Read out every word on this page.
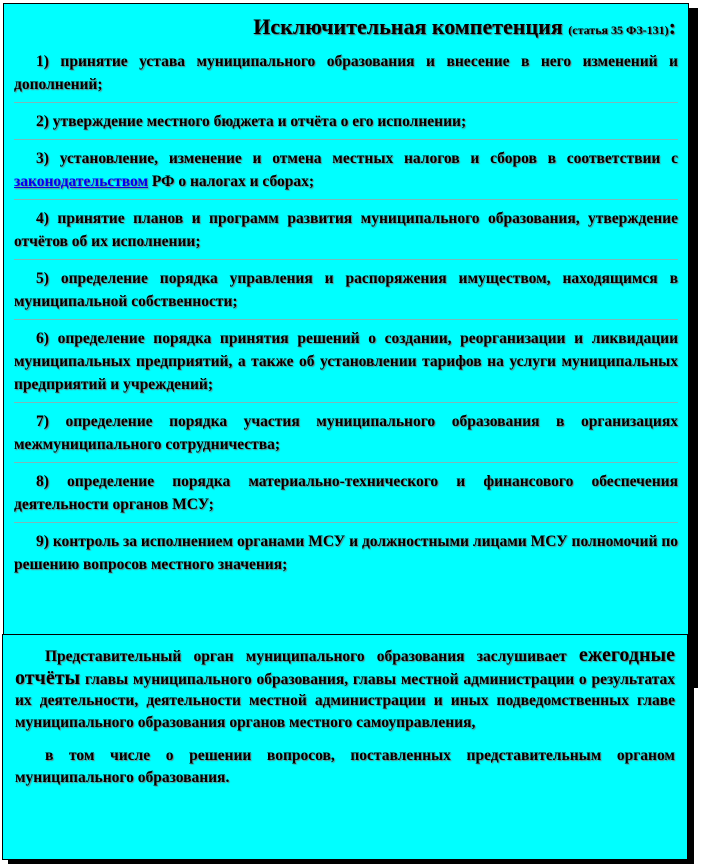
Исключительная компетенция (статья 35 ФЗ-131):
1) принятие устава муниципального образования и внесение в него изменений и дополнений;
2) утверждение местного бюджета и отчёта о его исполнении;
3) установление, изменение и отмена местных налогов и сборов в соответствии с законодательством РФ о налогах и сборах;
4) принятие планов и программ развития муниципального образования, утверждение отчётов об их исполнении;
5) определение порядка управления и распоряжения имуществом, находящимся в муниципальной собственности;
6) определение порядка принятия решений о создании, реорганизации и ликвидации муниципальных предприятий, а также об установлении тарифов на услуги муниципальных предприятий и учреждений;
7) определение порядка участия муниципального образования в организациях межмуниципального сотрудничества;
8) определение порядка материально-технического и финансового обеспечения деятельности органов МСУ;
9) контроль за исполнением органами МСУ и должностными лицами МСУ полномочий по решению вопросов местного значения;
Представительный орган муниципального образования заслушивает ежегодные отчёты главы муниципального образования, главы местной администрации о результатах их деятельности, деятельности местной администрации и иных подведомственных главе муниципального образования органов местного самоуправления,
в том числе о решении вопросов, поставленных представительным органом муниципального образования.
